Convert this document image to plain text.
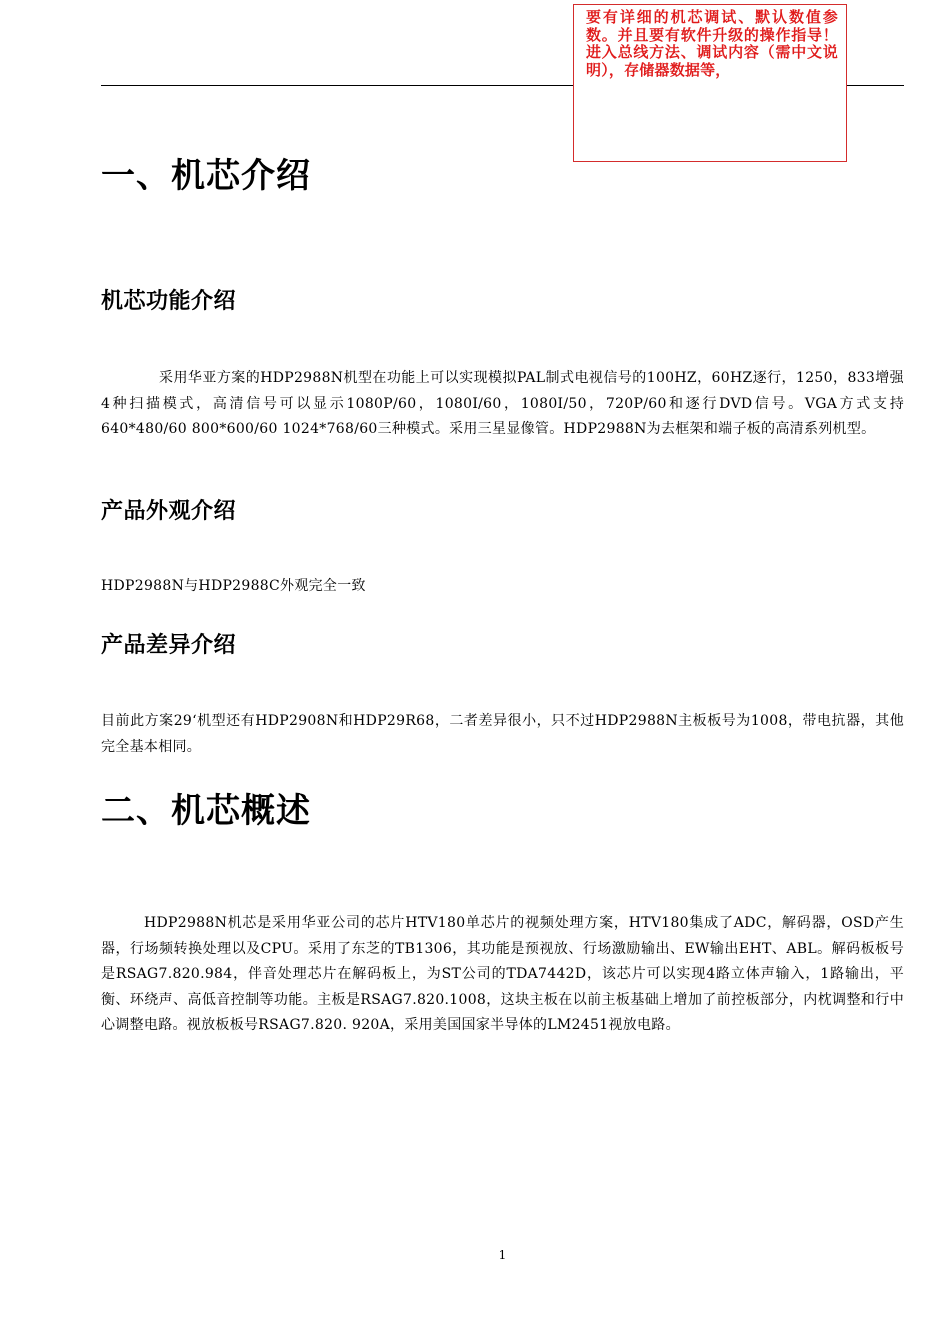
要有详细的机芯调试、默认数值参数。并且要有软件升级的操作指导！进入总线方法、调试内容（需中文说明），存储器数据等，

一、机芯介绍
机芯功能介绍

采用华亚方案的HDP2988N机型在功能上可以实现模拟PAL制式电视信号的100HZ，60HZ逐行，1250，833增强4种扫描模式，高清信号可以显示1080P/60，1080I/60，1080I/50，720P/60和逐行DVD信号。VGA方式支持640*480/60 800*600/60 1024*768/60三种模式。采用三星显像管。HDP2988N为去框架和端子板的高清系列机型。

产品外观介绍

HDP2988N与HDP2988C外观完全一致

产品差异介绍

目前此方案29‘机型还有HDP2908N和HDP29R68，二者差异很小，只不过HDP2988N主板板号为1008，带电抗器，其他完全基本相同。

二、机芯概述

HDP2988N机芯是采用华亚公司的芯片HTV180单芯片的视频处理方案，HTV180集成了ADC，解码器，OSD产生器，行场频转换处理以及CPU。采用了东芝的TB1306，其功能是预视放、行场激励输出、EW输出EHT、ABL。解码板板号是RSAG7.820.984，伴音处理芯片在解码板上，为ST公司的TDA7442D，该芯片可以实现4路立体声输入，1路输出，平衡、环绕声、高低音控制等功能。主板是RSAG7.820.1008，这块主板在以前主板基础上增加了前控板部分，内枕调整和行中心调整电路。视放板板号RSAG7.820. 920A，采用美国国家半导体的LM2451视放电路。

1
